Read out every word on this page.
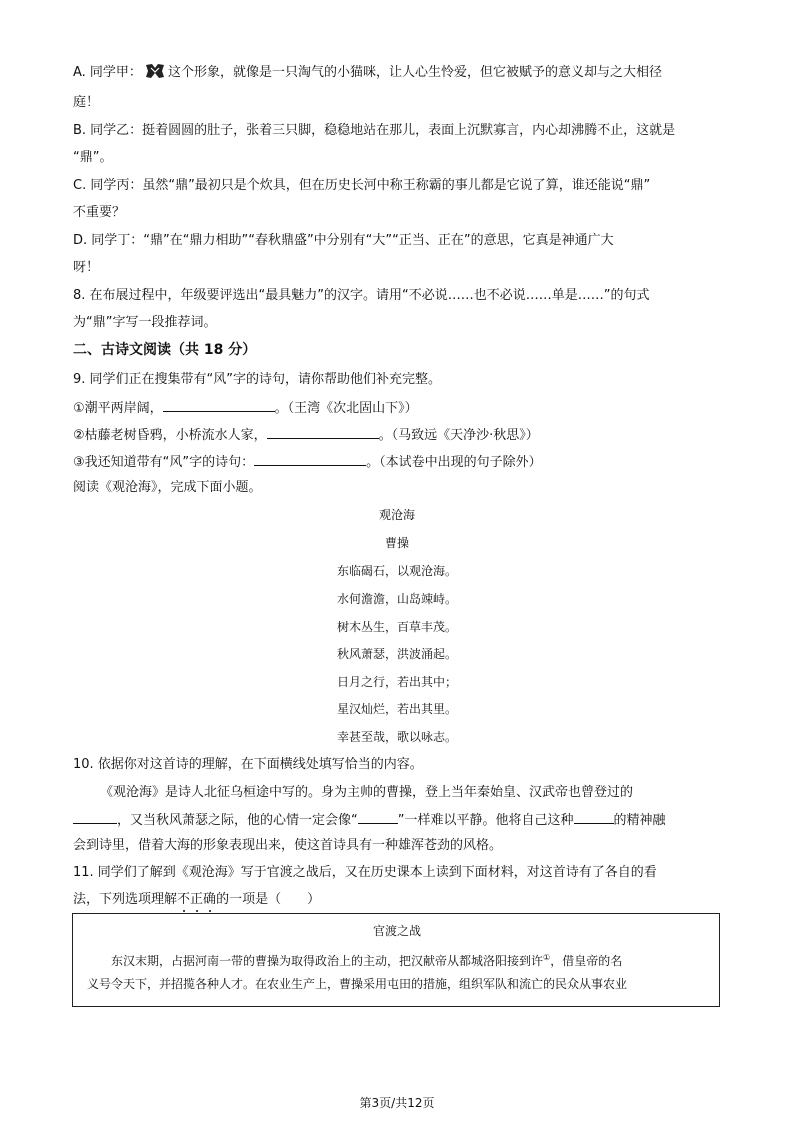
A. 同学甲： 这个形象，就像是一只淘气的小猫咪，让人心生怜爱，但它被赋予的意义却与之大相径
庭！
B. 同学乙：挺着圆圆的肚子，张着三只脚，稳稳地站在那儿，表面上沉默寡言，内心却沸腾不止，这就是
“鼎”。
C. 同学丙：虽然“鼎”最初只是个炊具，但在历史长河中称王称霸的事儿都是它说了算，谁还能说“鼎”
不重要？
D. 同学丁：“鼎”在“鼎力相助”“春秋鼎盛”中分别有“大”“正当、正在”的意思，它真是神通广大
呀！
8. 在布展过程中，年级要评选出“最具魅力”的汉字。请用“不必说……也不必说……单是……”的句式
为“鼎”字写一段推荐词。
二、古诗文阅读（共 18 分）
9. 同学们正在搜集带有“风”字的诗句，请你帮助他们补充完整。
①潮平两岸阔，	。（王湾《次北固山下》）
②枯藤老树昏鸦，小桥流水人家，	。（马致远《天净沙·秋思》）
③我还知道带有“风”字的诗句：	。（本试卷中出现的句子除外）
阅读《观沧海》，完成下面小题。
观沧海
曹操
东临碣石，以观沧海。
水何澹澹，山岛竦峙。
树木丛生，百草丰茂。
秋风萧瑟，洪波涌起。
日月之行，若出其中；
星汉灿烂，若出其里。
幸甚至哉，歌以咏志。
10. 依据你对这首诗的理解，在下面横线处填写恰当的内容。
《观沧海》是诗人北征乌桓途中写的。身为主帅的曹操，登上当年秦始皇、汉武帝也曾登过的
，又当秋风萧瑟之际，他的心情一定会像“	”一样难以平静。他将自己这种	的精神融
会到诗里，借着大海的形象表现出来，使这首诗具有一种雄浑苍劲的风格。
11. 同学们了解到《观沧海》写于官渡之战后，又在历史课本上读到下面材料，对这首诗有了各自的看
法，下列选项理解不正确的一项是（　　）
官渡之战
东汉末期，占据河南一带的曹操为取得政治上的主动，把汉献帝从都城洛阳接到许①，借皇帝的名
义号令天下，并招揽各种人才。在农业生产上，曹操采用屯田的措施，组织军队和流亡的民众从事农业
第3页/共12页
